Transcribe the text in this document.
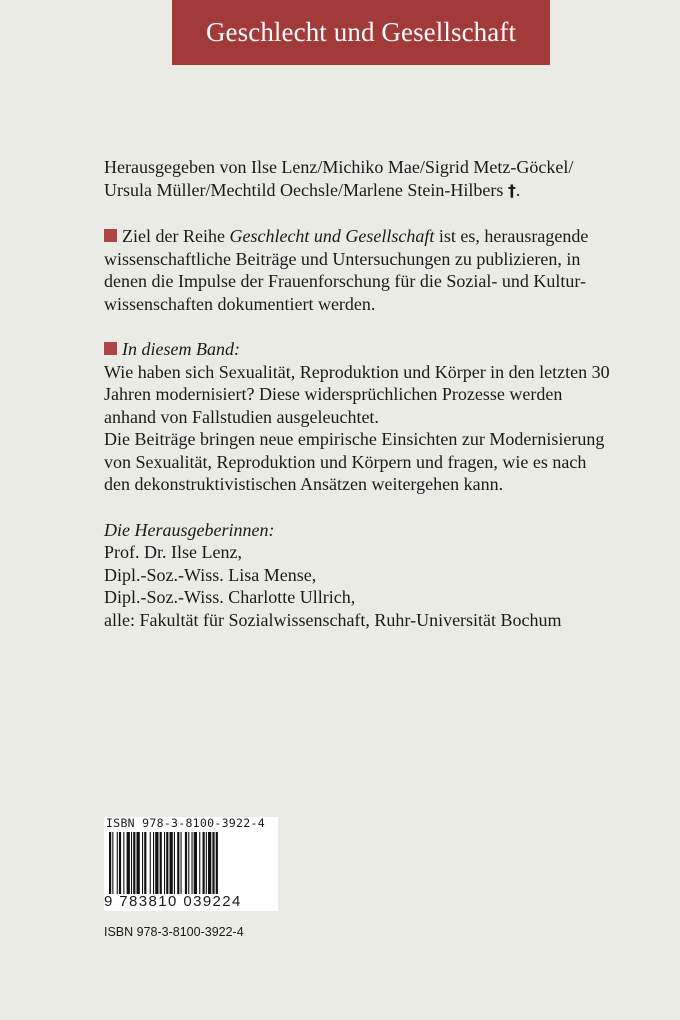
Geschlecht und Gesellschaft
Herausgegeben von Ilse Lenz/Michiko Mae/Sigrid Metz-Göckel/
Ursula Müller/Mechtild Oechsle/Marlene Stein-Hilbers †.
Ziel der Reihe Geschlecht und Gesellschaft ist es, herausragende
wissenschaftliche Beiträge und Untersuchungen zu publizieren, in
denen die Impulse der Frauenforschung für die Sozial- und Kultur-
wissenschaften dokumentiert werden.
In diesem Band:
Wie haben sich Sexualität, Reproduktion und Körper in den letzten 30
Jahren modernisiert? Diese widersprüchlichen Prozesse werden
anhand von Fallstudien ausgeleuchtet.
Die Beiträge bringen neue empirische Einsichten zur Modernisierung
von Sexualität, Reproduktion und Körpern und fragen, wie es nach
den dekonstruktivistischen Ansätzen weitergehen kann.
Die Herausgeberinnen:
Prof. Dr. Ilse Lenz,
Dipl.-Soz.-Wiss. Lisa Mense,
Dipl.-Soz.-Wiss. Charlotte Ullrich,
alle: Fakultät für Sozialwissenschaft, Ruhr-Universität Bochum
ISBN 978-3-8100-3922-4
9 783810 039224
ISBN 978-3-8100-3922-4
